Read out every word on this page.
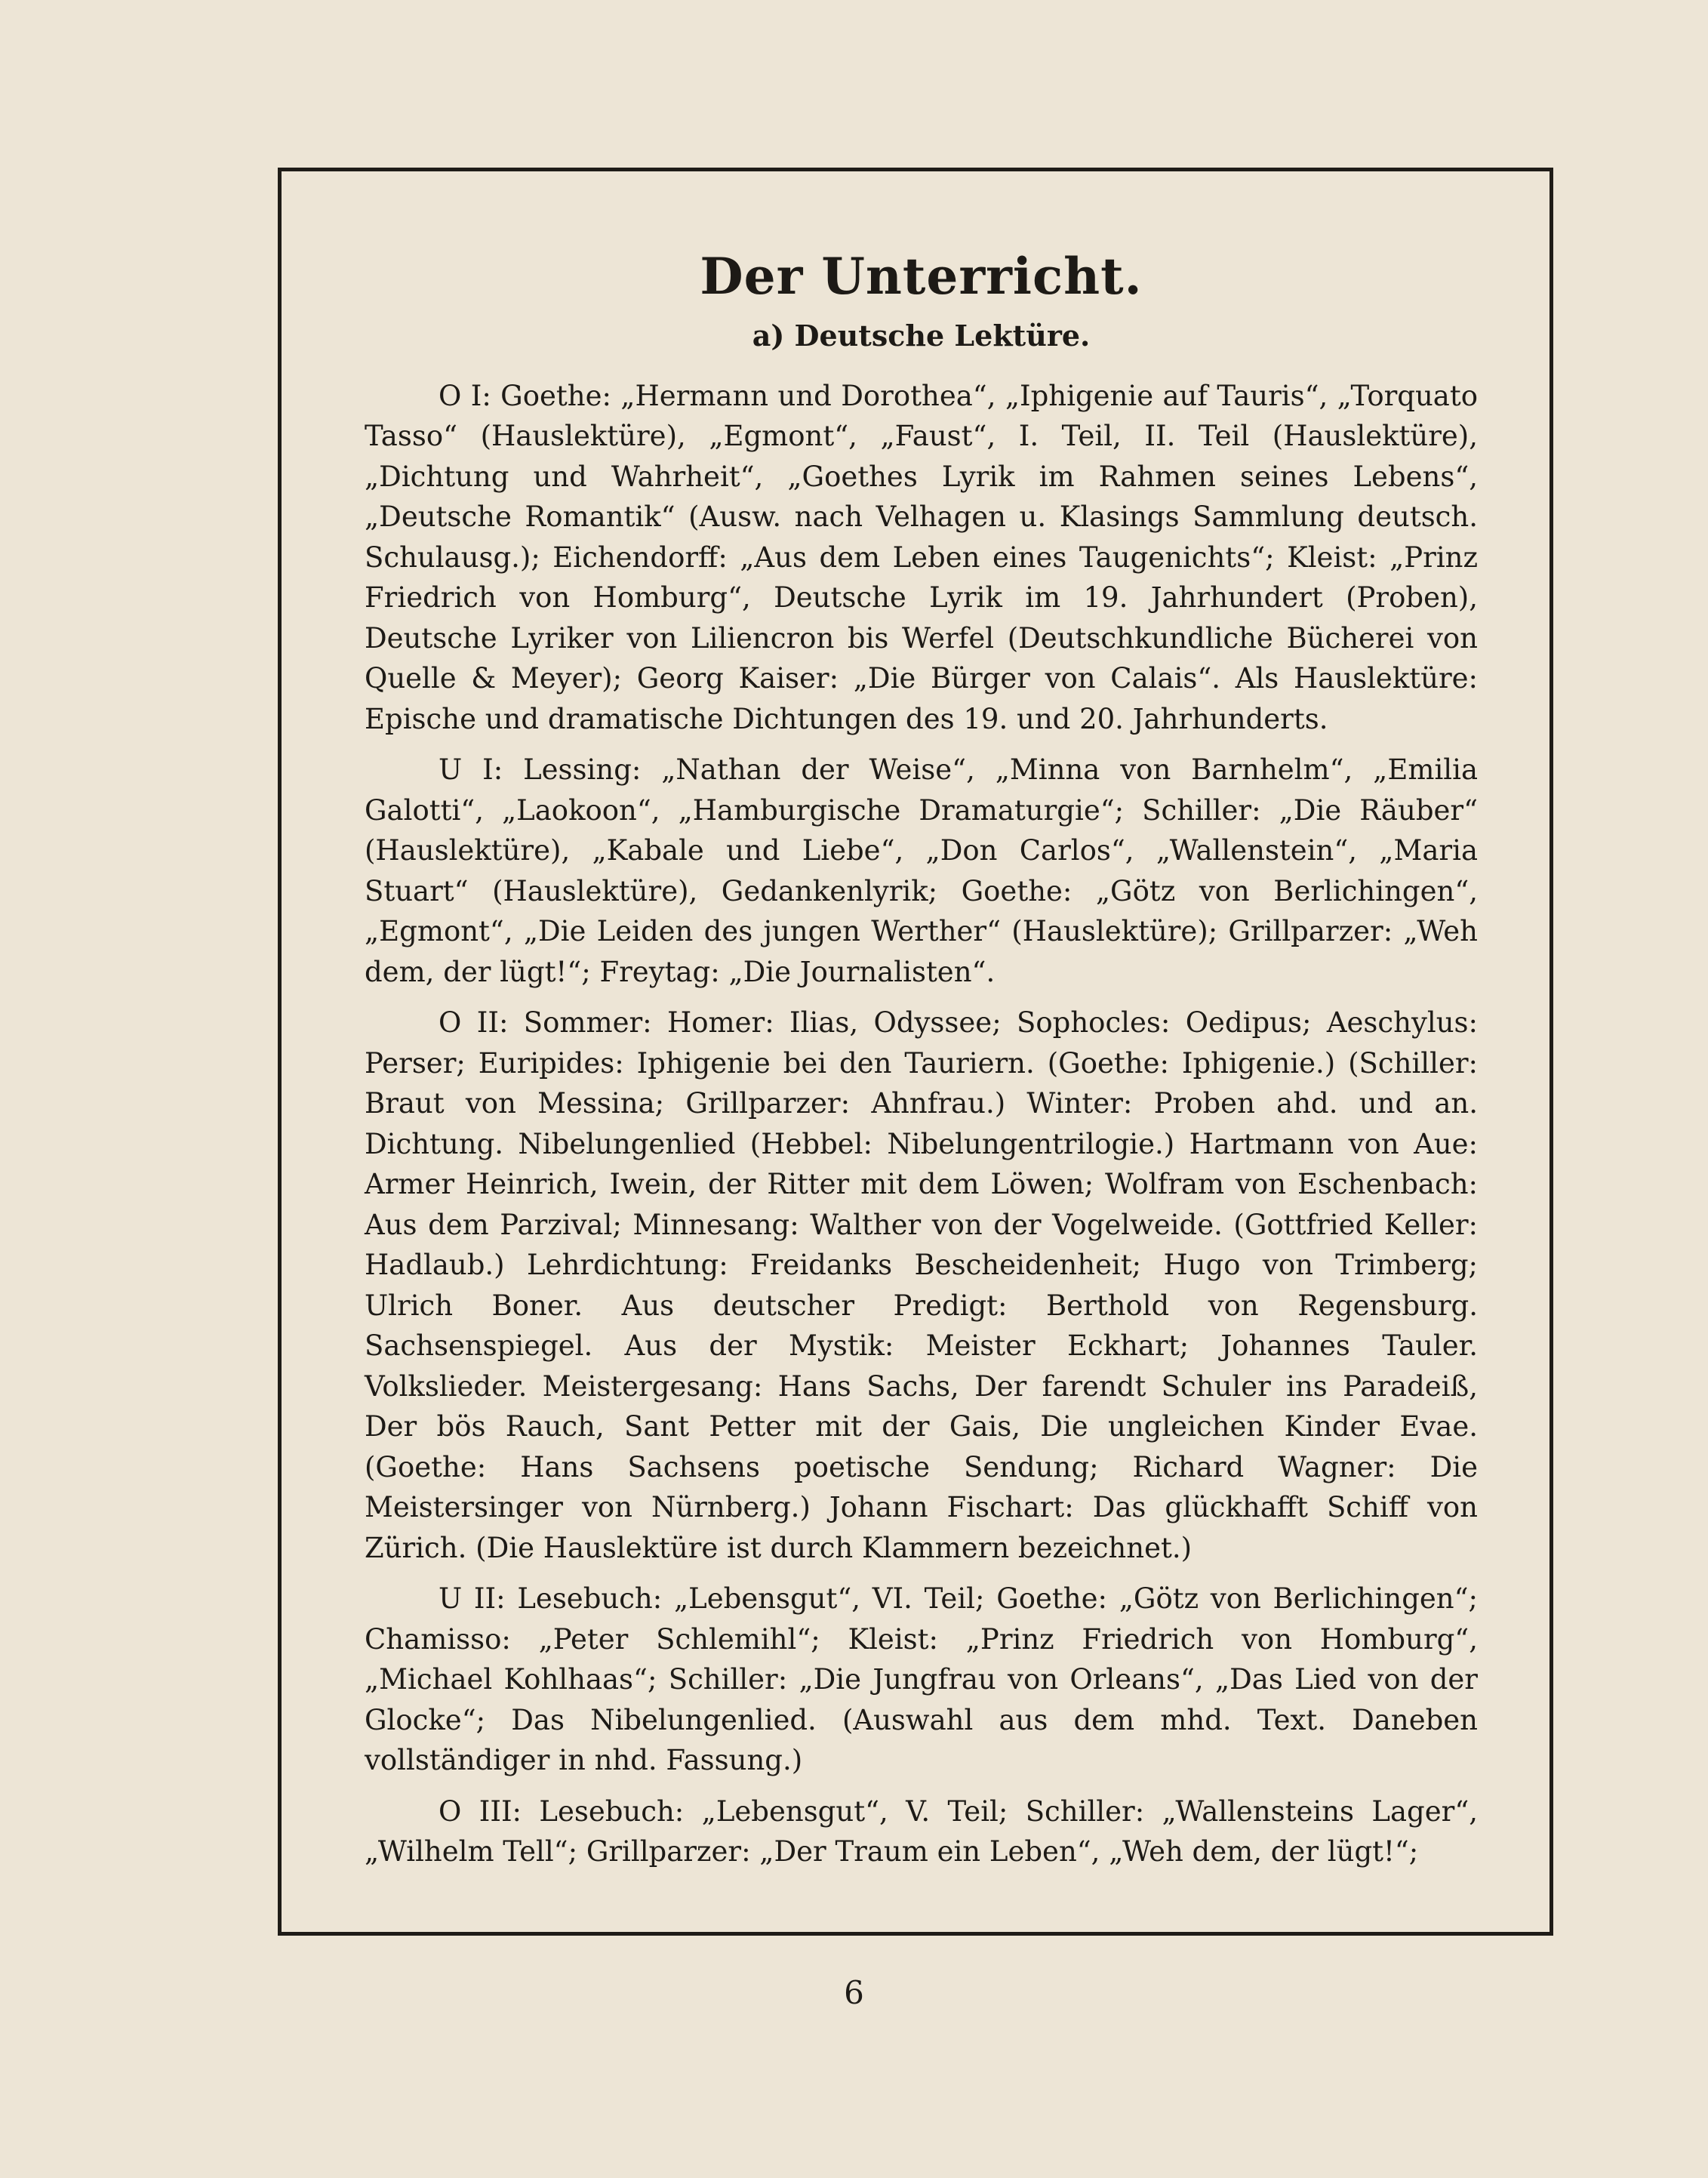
Der Unterricht.
a) Deutsche Lektüre.

O I: Goethe: „Hermann und Dorothea“, „Iphigenie auf Tauris“, „Torquato Tasso“ (Hauslektüre), „Egmont“, „Faust“, I. Teil, II. Teil (Hauslektüre), „Dichtung und Wahrheit“, „Goethes Lyrik im Rahmen seines Lebens“, „Deutsche Romantik“ (Ausw. nach Velhagen u. Klasings Sammlung deutsch. Schulausg.); Eichendorff: „Aus dem Leben eines Taugenichts“; Kleist: „Prinz Friedrich von Homburg“, Deutsche Lyrik im 19. Jahrhundert (Proben), Deutsche Lyriker von Liliencron bis Werfel (Deutschkundliche Bücherei von Quelle & Meyer); Georg Kaiser: „Die Bürger von Calais“. Als Hauslektüre: Epische und dramatische Dichtungen des 19. und 20. Jahrhunderts.

U I: Lessing: „Nathan der Weise“, „Minna von Barnhelm“, „Emilia Galotti“, „Laokoon“, „Hamburgische Dramaturgie“; Schiller: „Die Räuber“ (Hauslektüre), „Kabale und Liebe“, „Don Carlos“, „Wallenstein“, „Maria Stuart“ (Hauslektüre), Gedankenlyrik; Goethe: „Götz von Berlichingen“, „Egmont“, „Die Leiden des jungen Werther“ (Hauslektüre); Grillparzer: „Weh dem, der lügt!“; Freytag: „Die Journalisten“.

O II: Sommer: Homer: Ilias, Odyssee; Sophocles: Oedipus; Aeschylus: Perser; Euripides: Iphigenie bei den Tauriern. (Goethe: Iphigenie.) (Schiller: Braut von Messina; Grillparzer: Ahnfrau.) Winter: Proben ahd. und an. Dichtung. Nibelungenlied (Hebbel: Nibelungentrilogie.) Hartmann von Aue: Armer Heinrich, Iwein, der Ritter mit dem Löwen; Wolfram von Eschenbach: Aus dem Parzival; Minnesang: Walther von der Vogelweide. (Gottfried Keller: Hadlaub.) Lehrdichtung: Freidanks Bescheidenheit; Hugo von Trimberg; Ulrich Boner. Aus deutscher Predigt: Berthold von Regensburg. Sachsenspiegel. Aus der Mystik: Meister Eckhart; Johannes Tauler. Volkslieder. Meistergesang: Hans Sachs, Der farendt Schuler ins Paradeiß, Der bös Rauch, Sant Petter mit der Gais, Die ungleichen Kinder Evae. (Goethe: Hans Sachsens poetische Sendung; Richard Wagner: Die Meistersinger von Nürnberg.) Johann Fischart: Das glückhafft Schiff von Zürich. (Die Hauslektüre ist durch Klammern bezeichnet.)

U II: Lesebuch: „Lebensgut“, VI. Teil; Goethe: „Götz von Berlichingen“; Chamisso: „Peter Schlemihl“; Kleist: „Prinz Friedrich von Homburg“, „Michael Kohlhaas“; Schiller: „Die Jungfrau von Orleans“, „Das Lied von der Glocke“; Das Nibelungenlied. (Auswahl aus dem mhd. Text. Daneben vollständiger in nhd. Fassung.)

O III: Lesebuch: „Lebensgut“, V. Teil; Schiller: „Wallensteins Lager“, „Wilhelm Tell“; Grillparzer: „Der Traum ein Leben“, „Weh dem, der lügt!“;

6
